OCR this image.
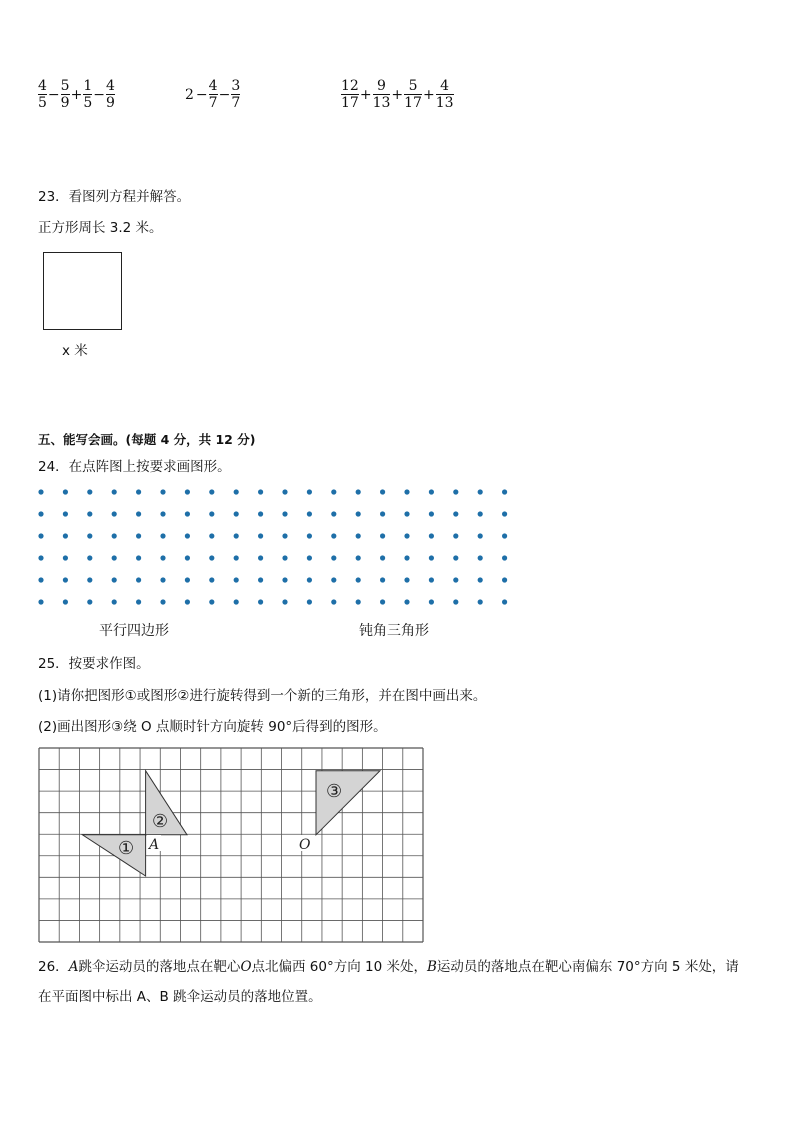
$\frac{4}{5} - \frac{5}{9} + \frac{1}{5} - \frac{4}{9}$	$2 - \frac{4}{7} - \frac{3}{7}$	$\frac{12}{17} + \frac{9}{13} + \frac{5}{17} + \frac{4}{13}$
23．看图列方程并解答。
正方形周长 3.2 米。
x 米
五、能写会画。(每题 4 分，共 12 分)
24．在点阵图上按要求画图形。
平行四边形	钝角三角形
25．按要求作图。
(1)请你把图形①或图形②进行旋转得到一个新的三角形，并在图中画出来。
(2)画出图形③绕 O 点顺时针方向旋转 90°后得到的图形。
①
②
③
A	O
26．A跳伞运动员的落地点在靶心O点北偏西 60°方向 10 米处，B运动员的落地点在靶心南偏东 70°方向 5 米处，请
在平面图中标出 A、B 跳伞运动员的落地位置。
